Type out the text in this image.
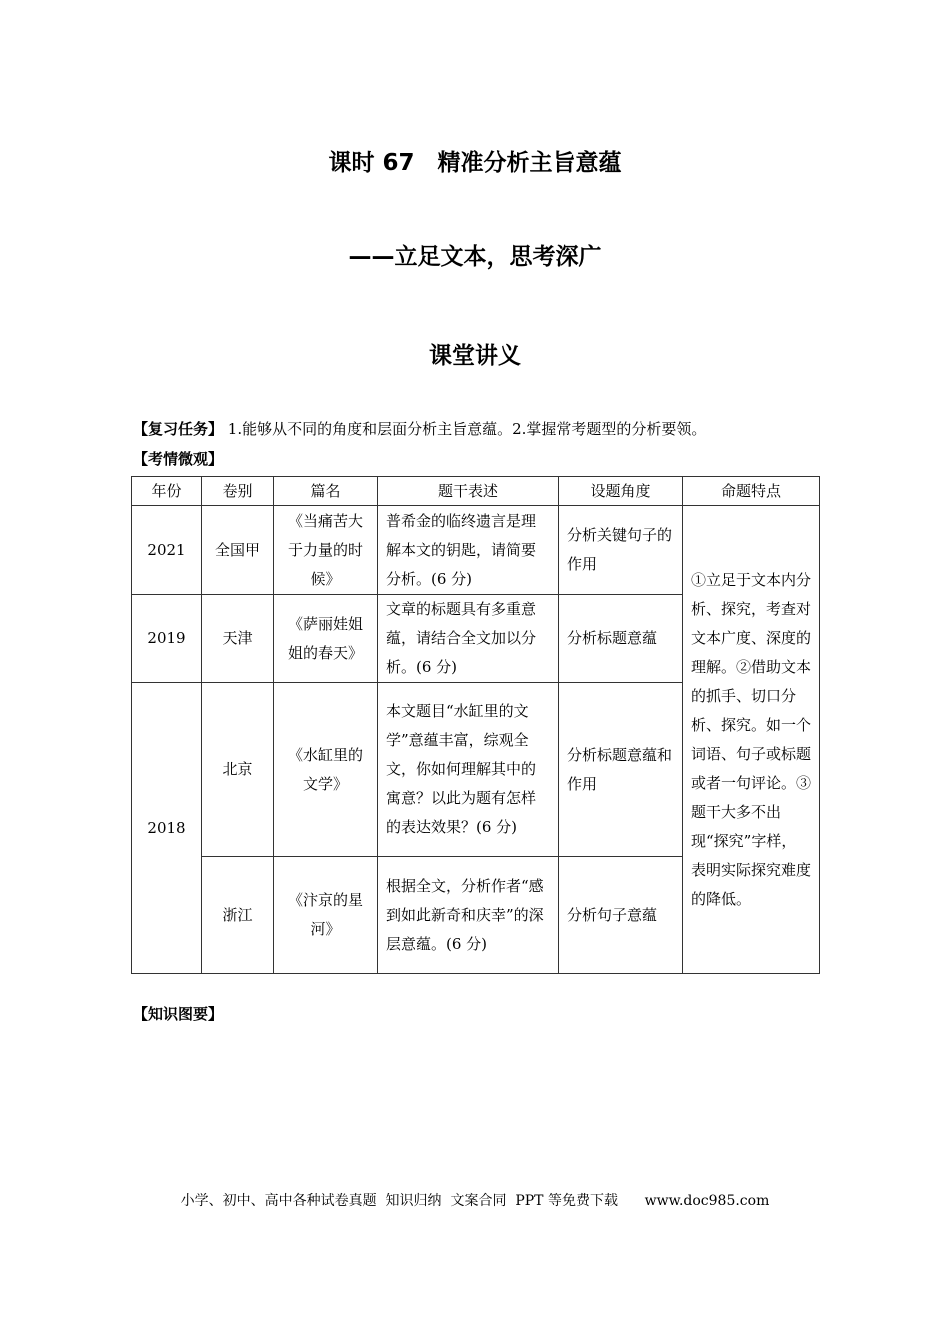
课时 67　精准分析主旨意蕴
——立足文本，思考深广
课堂讲义
【复习任务】 1.能够从不同的角度和层面分析主旨意蕴。2.掌握常考题型的分析要领。
【考情微观】
年份	卷别	篇名	题干表述	设题角度	命题特点
2021	全国甲	《当痛苦大于力量的时候》	普希金的临终遗言是理解本文的钥匙，请简要分析。(6 分)	分析关键句子的作用	①立足于文本内分析、探究，考查对文本广度、深度的理解。②借助文本的抓手、切口分析、探究。如一个词语、句子或标题或者一句评论。③题干大多不出现“探究”字样，表明实际探究难度的降低。
2019	天津	《萨丽娃姐姐的春天》	文章的标题具有多重意蕴，请结合全文加以分析。(6 分)	分析标题意蕴	
2018	北京	《水缸里的文学》	本文题目“水缸里的文学”意蕴丰富，综观全文，你如何理解其中的寓意？以此为题有怎样的表达效果？(6 分)	分析标题意蕴和作用	
	浙江	《汴京的星河》	根据全文，分析作者“感到如此新奇和庆幸”的深层意蕴。(6 分)	分析句子意蕴	
【知识图要】
小学、初中、高中各种试卷真题  知识归纳  文案合同  PPT 等免费下载      www.doc985.com
